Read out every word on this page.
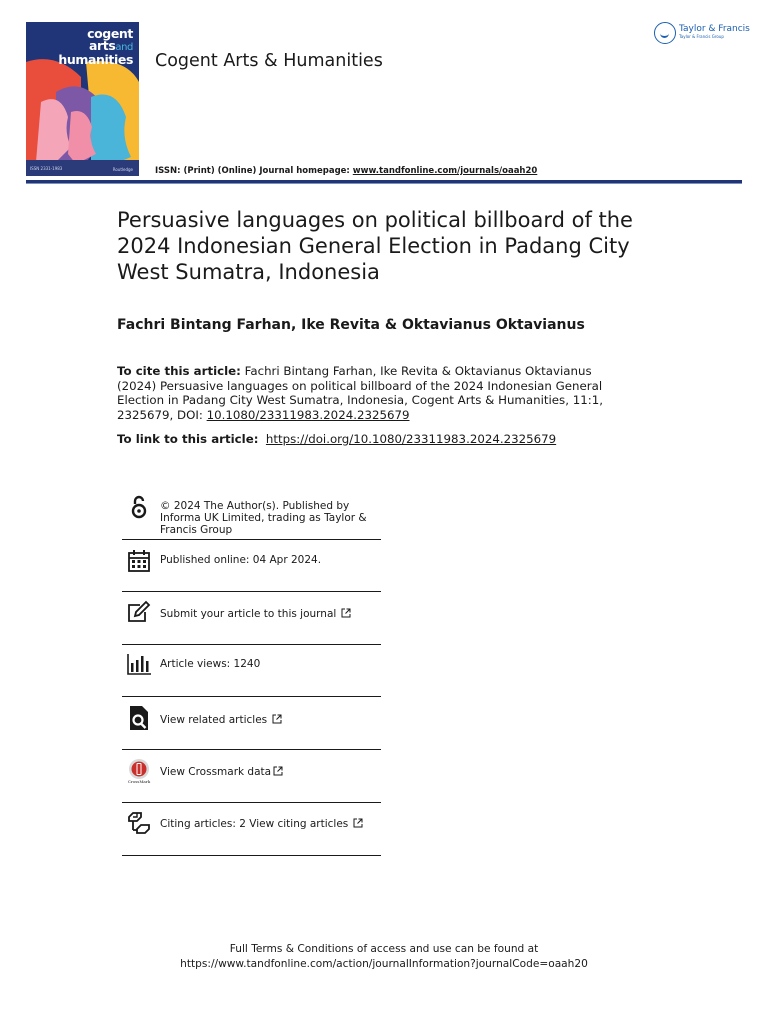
cogent
artsand
humanities
ISSN 2331-1983	Routledge
Cogent Arts & Humanities
ISSN: (Print) (Online) Journal homepage: www.tandfonline.com/journals/oaah20
Taylor & Francis
Taylor & Francis Group
Persuasive languages on political billboard of the 2024 Indonesian General Election in Padang City West Sumatra, Indonesia
Fachri Bintang Farhan, Ike Revita & Oktavianus Oktavianus
To cite this article: Fachri Bintang Farhan, Ike Revita & Oktavianus Oktavianus (2024) Persuasive languages on political billboard of the 2024 Indonesian General Election in Padang City West Sumatra, Indonesia, Cogent Arts & Humanities, 11:1, 2325679, DOI: 10.1080/23311983.2024.2325679
To link to this article: https://doi.org/10.1080/23311983.2024.2325679
© 2024 The Author(s). Published by Informa UK Limited, trading as Taylor & Francis Group
Published online: 04 Apr 2024.
Submit your article to this journal
Article views: 1240
View related articles
CrossMark
View Crossmark data
Citing articles: 2 View citing articles
Full Terms & Conditions of access and use can be found at
https://www.tandfonline.com/action/journalInformation?journalCode=oaah20
